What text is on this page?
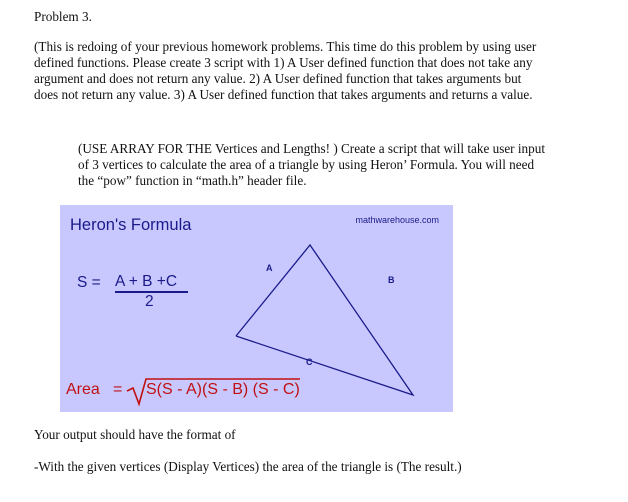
Problem 3.
(This is redoing of your previous homework problems. This time do this problem by using user
defined functions. Please create 3 script with 1) A User defined function that does not take any
argument and does not return any value. 2) A User defined function that takes arguments but
does not return any value. 3) A User defined function that takes arguments and returns a value.
(USE ARRAY FOR THE Vertices and Lengths! ) Create a script that will take user input
of 3 vertices to calculate the area of a triangle by using Heron’ Formula. You will need
the “pow” function in “math.h” header file.
Heron's Formula	mathwarehouse.com
S = A + B +C
2
A
B
C
Area = S(S - A)(S - B) (S - C)
Your output should have the format of
-With the given vertices (Display Vertices) the area of the triangle is (The result.)
